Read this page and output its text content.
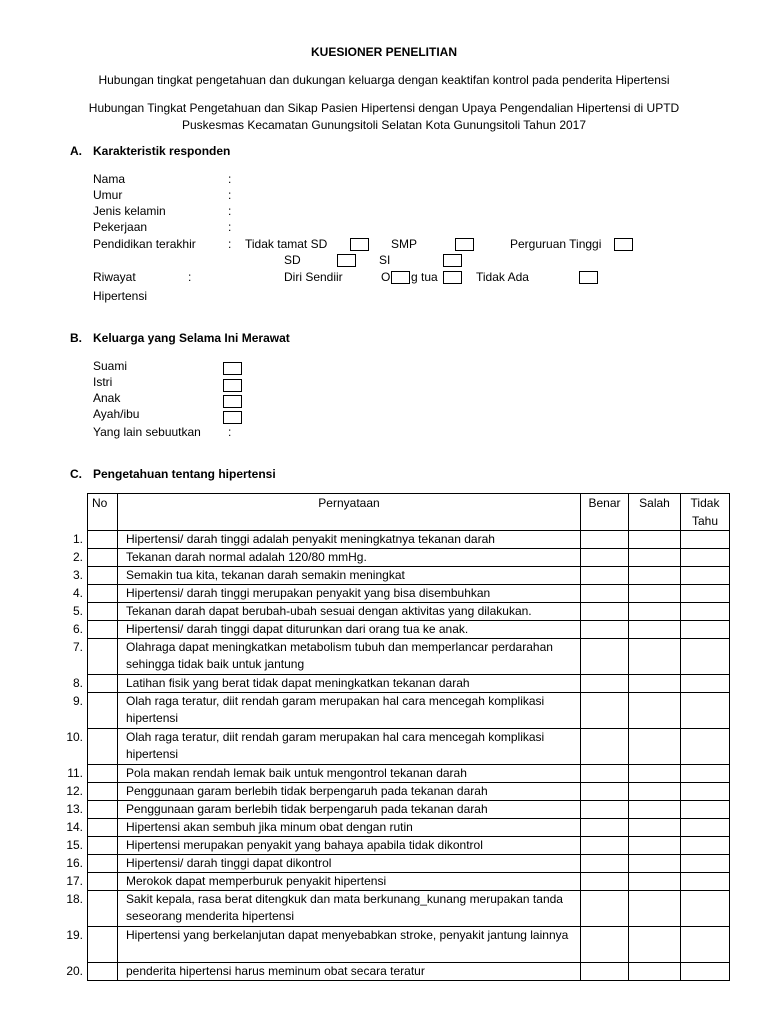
KUESIONER PENELITIAN
Hubungan tingkat pengetahuan dan dukungan keluarga dengan keaktifan kontrol pada penderita Hipertensi
Hubungan Tingkat Pengetahuan dan Sikap Pasien Hipertensi dengan Upaya Pengendalian Hipertensi di UPTD
Puskesmas Kecamatan Gunungsitoli Selatan Kota Gunungsitoli Tahun 2017
A. Karakteristik responden
Nama	:
Umur	:
Jenis kelamin	:
Pekerjaan	:
Pendidikan terakhir	: Tidak tamat SD	SMP	Perguruan Tinggi
SD	SI
Riwayat	:	Diri Sendiir	O g tua	Tidak Ada
Hipertensi
B. Keluarga yang Selama Ini Merawat
Suami
Istri
Anak
Ayah/ibu
Yang lain sebuutkan :
C. Pengetahuan tentang hipertensi
No	Pernyataan	Benar	Salah	Tidak Tahu

1.	Hipertensi/ darah tinggi adalah penyakit meningkatnya tekanan darah			

2.	Tekanan darah normal adalah 120/80 mmHg.			

3.	Semakin tua kita, tekanan darah semakin meningkat			

4.	Hipertensi/ darah tinggi merupakan penyakit yang bisa disembuhkan			

5.	Tekanan darah dapat berubah-ubah sesuai dengan aktivitas yang dilakukan.			

6.	Hipertensi/ darah tinggi dapat diturunkan dari orang tua ke anak.			

7.	Olahraga dapat meningkatkan metabolism tubuh dan memperlancar perdarahan sehingga tidak baik untuk jantung			

8.	Latihan fisik yang berat tidak dapat meningkatkan tekanan darah			

9.	Olah raga teratur, diit rendah garam merupakan hal cara mencegah komplikasi hipertensi			

10.	Olah raga teratur, diit rendah garam merupakan hal cara mencegah komplikasi hipertensi			

11.	Pola makan rendah lemak baik untuk mengontrol tekanan darah			

12.	Penggunaan garam berlebih tidak berpengaruh pada tekanan darah			

13.	Penggunaan garam berlebih tidak berpengaruh pada tekanan darah			

14.	Hipertensi akan sembuh jika minum obat dengan rutin			

15.	Hipertensi merupakan penyakit yang bahaya apabila tidak dikontrol			

16.	Hipertensi/ darah tinggi dapat dikontrol			

17.	Merokok dapat memperburuk penyakit hipertensi			

18.	Sakit kepala, rasa berat ditengkuk dan mata berkunang_kunang merupakan tanda seseorang menderita hipertensi			

19.	Hipertensi yang berkelanjutan dapat menyebabkan stroke, penyakit jantung lainnya			

20.	penderita hipertensi harus meminum obat secara teratur			
